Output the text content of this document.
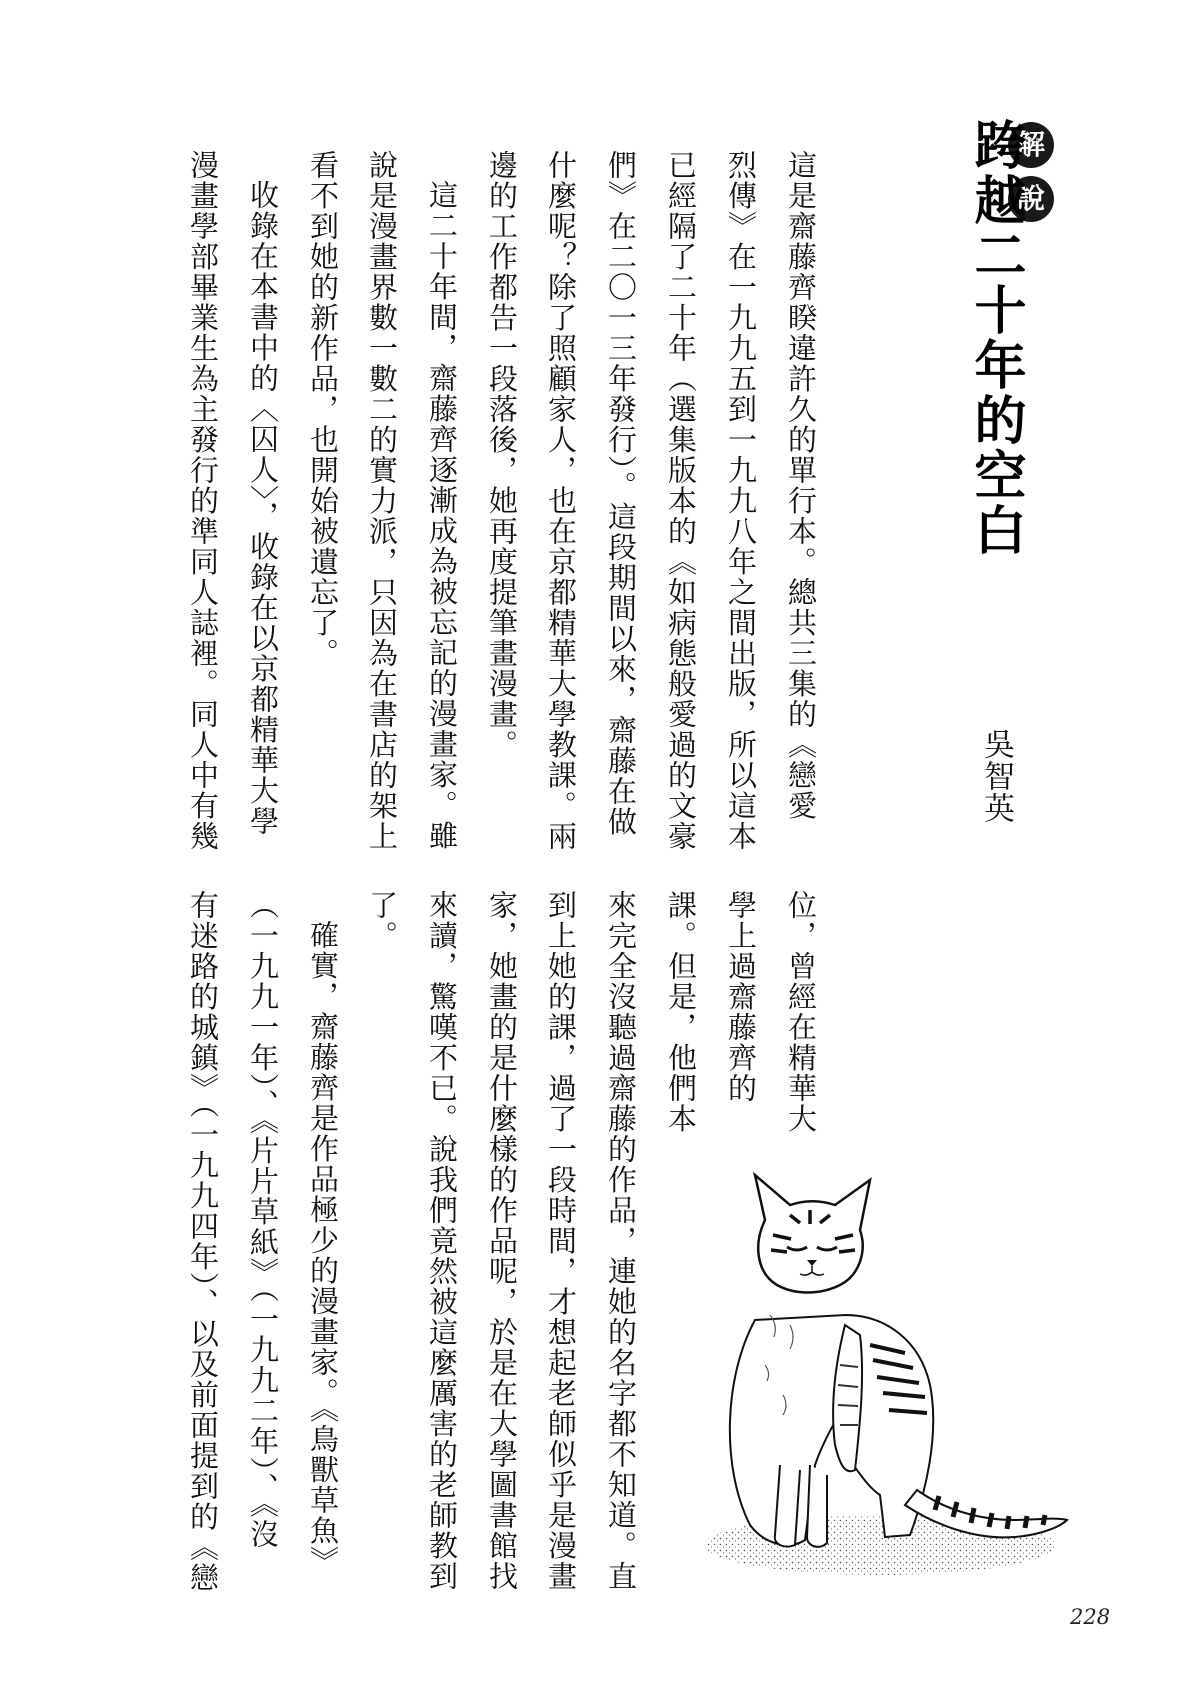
解
說
跨越二十年的空白
吳智英
這是齋藤齊睽違許久的單行本。總共三集的《戀愛
烈傳》在一九九五到一九九八年之間出版，所以這本
已經隔了二十年（選集版本的《如病態般愛過的文豪
們》在二〇一三年發行）。這段期間以來，齋藤在做
什麼呢？除了照顧家人，也在京都精華大學教課。兩
邊的工作都告一段落後，她再度提筆畫漫畫。
這二十年間，齋藤齊逐漸成為被忘記的漫畫家。雖
說是漫畫界數一數二的實力派，只因為在書店的架上
看不到她的新作品，也開始被遺忘了。
收錄在本書中的〈囚人〉，收錄在以京都精華大學
漫畫學部畢業生為主發行的準同人誌裡。同人中有幾
位，曾經在精華大
學上過齋藤齊的
課。但是，他們本
來完全沒聽過齋藤的作品，連她的名字都不知道。直
到上她的課，過了一段時間，才想起老師似乎是漫畫
家，她畫的是什麼樣的作品呢，於是在大學圖書館找
來讀，驚嘆不已。說我們竟然被這麼厲害的老師教到
了。
確實，齋藤齊是作品極少的漫畫家。《鳥獸草魚》
（一九九一年）、《片片草紙》（一九九二年）、《沒
有迷路的城鎮》（一九九四年）、以及前面提到的《戀
228
